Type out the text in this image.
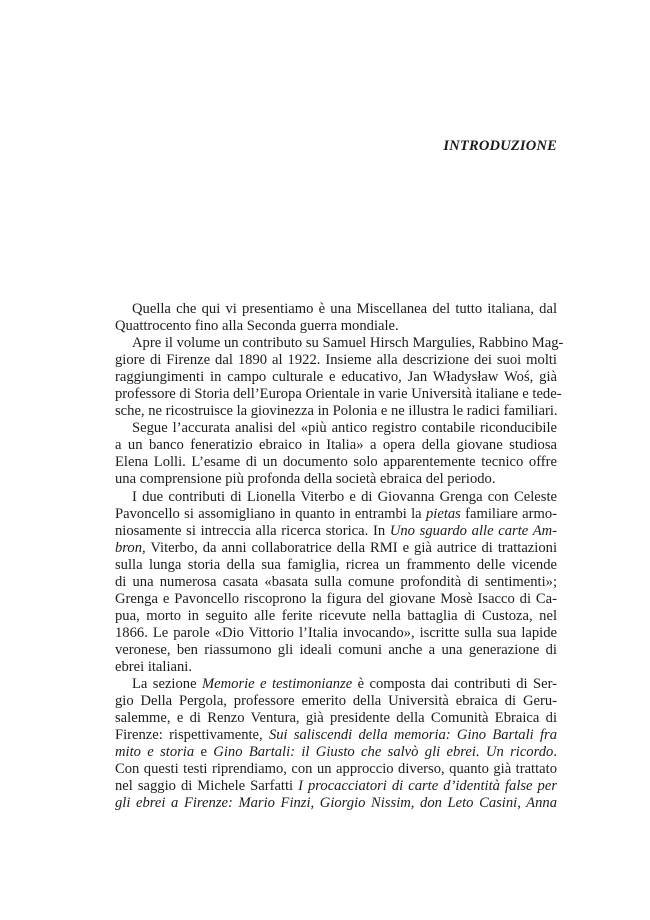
INTRODUZIONE
Quella che qui vi presentiamo è una Miscellanea del tutto italiana, dal
Quattrocento fino alla Seconda guerra mondiale.
Apre il volume un contributo su Samuel Hirsch Margulies, Rabbino Mag-
giore di Firenze dal 1890 al 1922. Insieme alla descrizione dei suoi molti
raggiungimenti in campo culturale e educativo, Jan Władysław Woś, già
professore di Storia dell’Europa Orientale in varie Università italiane e tede-
sche, ne ricostruisce la giovinezza in Polonia e ne illustra le radici familiari.
Segue l’accurata analisi del «più antico registro contabile riconducibile
a un banco feneratizio ebraico in Italia» a opera della giovane studiosa
Elena Lolli. L’esame di un documento solo apparentemente tecnico offre
una comprensione più profonda della società ebraica del periodo.
I due contributi di Lionella Viterbo e di Giovanna Grenga con Celeste
Pavoncello si assomigliano in quanto in entrambi la pietas familiare armo-
niosamente si intreccia alla ricerca storica. In Uno sguardo alle carte Am-
bron, Viterbo, da anni collaboratrice della RMI e già autrice di trattazioni
sulla lunga storia della sua famiglia, ricrea un frammento delle vicende
di una numerosa casata «basata sulla comune profondità di sentimenti»;
Grenga e Pavoncello riscoprono la figura del giovane Mosè Isacco di Ca-
pua, morto in seguito alle ferite ricevute nella battaglia di Custoza, nel
1866. Le parole «Dio Vittorio l’Italia invocando», iscritte sulla sua lapide
veronese, ben riassumono gli ideali comuni anche a una generazione di
ebrei italiani.
La sezione Memorie e testimonianze è composta dai contributi di Ser-
gio Della Pergola, professore emerito della Università ebraica di Geru-
salemme, e di Renzo Ventura, già presidente della Comunità Ebraica di
Firenze: rispettivamente, Sui saliscendi della memoria: Gino Bartali fra
mito e storia e Gino Bartali: il Giusto che salvò gli ebrei. Un ricordo.
Con questi testi riprendiamo, con un approccio diverso, quanto già trattato
nel saggio di Michele Sarfatti I procacciatori di carte d’identità false per
gli ebrei a Firenze: Mario Finzi, Giorgio Nissim, don Leto Casini, Anna
